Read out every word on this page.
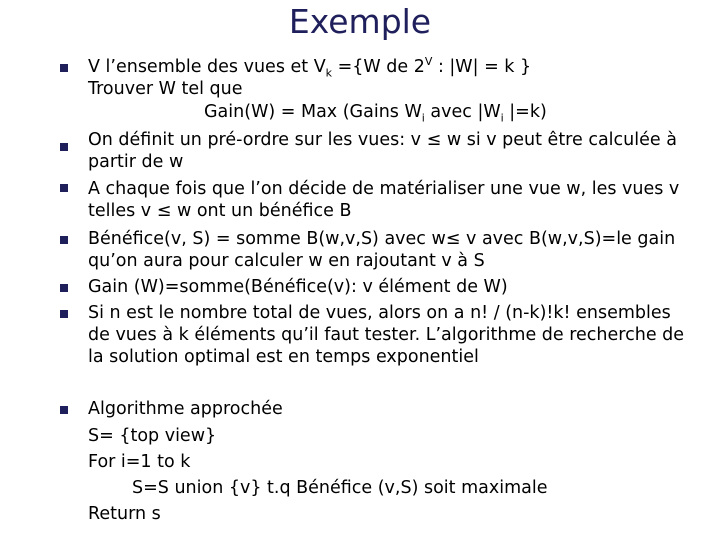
Exemple
V l’ensemble des vues et $V_k =\{W$ de $2^V$ : |W| = k }
Trouver W tel que
Gain(W) = Max (Gains $W_i$ avec $|W_i$ |=k)
On définit un pré-ordre sur les vues: v ≤ w si v peut être calculée à
partir de w
A chaque fois que l’on décide de matérialiser une vue w, les vues v
telles v ≤ w ont un bénéfice B
Bénéfice(v, S) = somme B(w,v,S) avec w≤ v avec B(w,v,S)=le gain
qu’on aura pour calculer w en rajoutant v à S
Gain (W)=somme(Bénéfice(v): v élément de W)
Si n est le nombre total de vues, alors on a n! / (n-k)!k! ensembles
de vues à k éléments qu’il faut tester. L’algorithme de recherche de
la solution optimal est en temps exponentiel
Algorithme approchée
S= {top view}
For i=1 to k
S=S union {v} t.q Bénéfice (v,S) soit maximale
Return s
